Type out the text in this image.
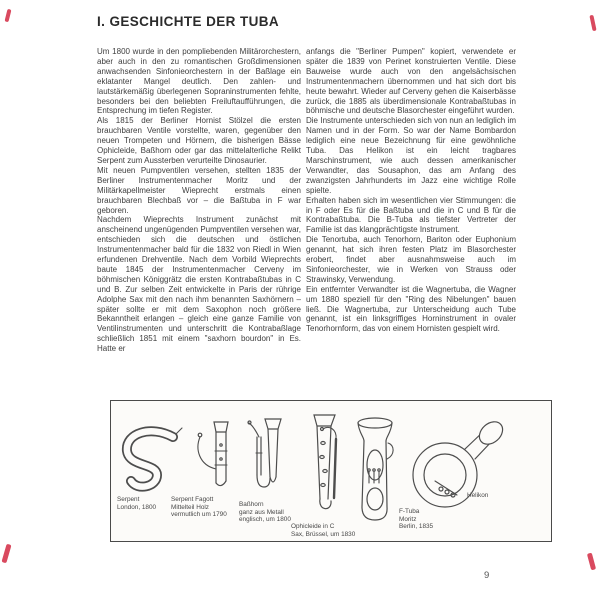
I. GESCHICHTE DER TUBA

Um 1800 wurde in den pompliebenden Militärorchestern, aber auch in den zu romantischen Großdimensionen anwachsenden Sinfonieorchestern in der Baßlage ein eklatanter Mangel deutlich. Den zahlen- und lautstärkemäßig überlegenen Sopraninstrumenten fehlte, besonders bei den beliebten Freiluftaufführungen, die Entsprechung im tiefen Register.

Als 1815 der Berliner Hornist Stölzel die ersten brauchbaren Ventile vorstellte, waren, gegenüber den neuen Trompeten und Hörnern, die bisherigen Bässe Ophicleide, Baßhorn oder gar das mittelalterliche Relikt Serpent zum Aussterben verurteilte Dinosaurier.

Mit neuen Pumpventilen versehen, stellten 1835 der Berliner Instrumentenmacher Moritz und der Militärkapellmeister Wieprecht erstmals einen brauchbaren Blechbaß vor – die Baßtuba in F war geboren.

Nachdem Wieprechts Instrument zunächst mit anscheinend ungenügenden Pumpventilen versehen war, entschieden sich die deutschen und östlichen Instrumentenmacher bald für die 1832 von Riedl in Wien erfundenen Drehventile. Nach dem Vorbild Wieprechts baute 1845 der Instrumentenmacher Cerveny im böhmischen Königgrätz die ersten Kontrabaßtubas in C und B. Zur selben Zeit entwickelte in Paris der rührige Adolphe Sax mit den nach ihm benannten Saxhörnern – später sollte er mit dem Saxophon noch größere Bekanntheit erlangen – gleich eine ganze Familie von Ventilinstrumenten und unterschritt die Kontrabaßlage schließlich 1851 mit einem "saxhorn bourdon" in Es. Hatte er

anfangs die "Berliner Pumpen" kopiert, verwendete er später die 1839 von Perinet konstruierten Ventile. Diese Bauweise wurde auch von den angelsächsischen Instrumentenmachern übernommen und hat sich dort bis heute bewahrt. Wieder auf Cerveny gehen die Kaiserbässe zurück, die 1885 als überdimensionale Kontrabaßtubas in böhmische und deutsche Blasorchester eingeführt wurden.

Die Instrumente unterschieden sich von nun an lediglich im Namen und in der Form. So war der Name Bombardon lediglich eine neue Bezeichnung für eine gewöhnliche Tuba. Das Helikon ist ein leicht tragbares Marschinstrument, wie auch dessen amerikanischer Verwandter, das Sousaphon, das am Anfang des zwanzigsten Jahrhunderts im Jazz eine wichtige Rolle spielte.

Erhalten haben sich im wesentlichen vier Stimmungen: die in F oder Es für die Baßtuba und die in C und B für die Kontrabaßtuba. Die B-Tuba als tiefster Vertreter der Familie ist das klangprächtigste Instrument.

Die Tenortuba, auch Tenorhorn, Bariton oder Euphonium genannt, hat sich ihren festen Platz im Blasorchester erobert, findet aber ausnahmsweise auch im Sinfonieorchester, wie in Werken von Strauss oder Strawinsky, Verwendung.

Ein entfernter Verwandter ist die Wagnertuba, die Wagner um 1880 speziell für den "Ring des Nibelungen" bauen ließ. Die Wagnertuba, zur Unterscheidung auch Tube genannt, ist ein linksgriffiges Horninstrument in ovaler Tenorhornform, das von einem Hornisten gespielt wird.

Serpent
London, 1800
Serpent Fagott
Mittelteil Holz
vermutlich um 1790
Baßhorn
ganz aus Metall
englisch, um 1800
Ophicleide in C
Sax, Brüssel, um 1830
F-Tuba
Moritz
Berlin, 1835
Helikon
9
